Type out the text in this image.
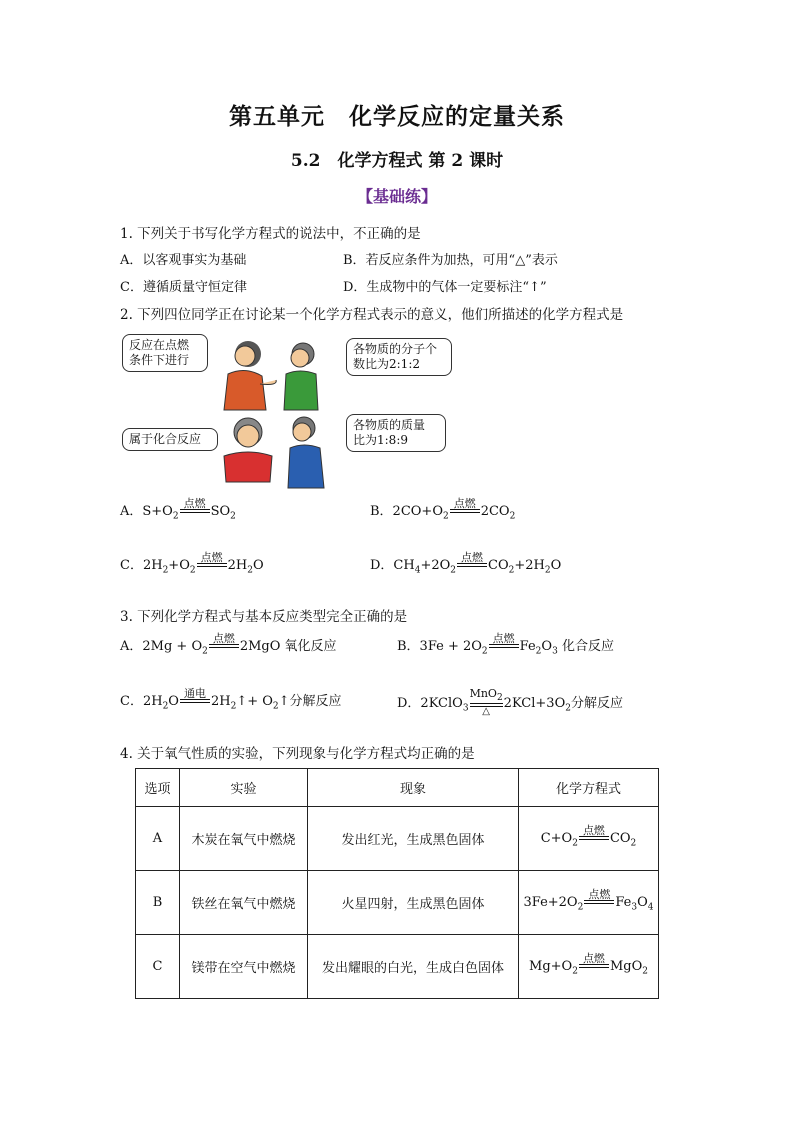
第五单元　化学反应的定量关系
5.2　化学方程式 第 2 课时
【基础练】
1. 下列关于书写化学方程式的说法中，不正确的是
A．以客观事实为基础	B．若反应条件为加热，可用“△”表示
C．遵循质量守恒定律	D．生成物中的气体一定要标注“↑”
2. 下列四位同学正在讨论某一个化学方程式表示的意义，他们所描述的化学方程式是
反应在点燃
条件下进行
各物质的分子个
数比为2:1:2
属于化合反应
各物质的质量
比为1:8:9
A．$S+O_2$
点燃
$SO_2$	B．$2CO+O_2$
点燃
$2CO_2$
C．$2H_2+O_2$
点燃
$2H_2O$	D．$CH_4+2O_2$
点燃
$CO_2+2H_2O$
3. 下列化学方程式与基本反应类型完全正确的是
A．$2Mg + O_2$
点燃
2MgO 氧化反应	B．$3Fe + 2O_2$
点燃
$Fe_2O_3$ 化合反应
C．$2H_2O$
通电
$2H_2↑+$ $O_2↑$分解反应	D．2KClO$_3$
MnO$_2$
△
$2KCl+3O_2$分解反应
4. 关于氧气性质的实验，下列现象与化学方程式均正确的是
选项	实验	现象	化学方程式
A	木炭在氧气中燃烧	发出红光，生成黑色固体	$C+O_2$
点燃
$CO_2$
B	铁丝在氧气中燃烧	火星四射，生成黑色固体	$3Fe+2O_2$
点燃
$Fe_3O_4$
C	镁带在空气中燃烧	发出耀眼的白光，生成白色固体	$Mg+O_2$
点燃
MgO$_2$
